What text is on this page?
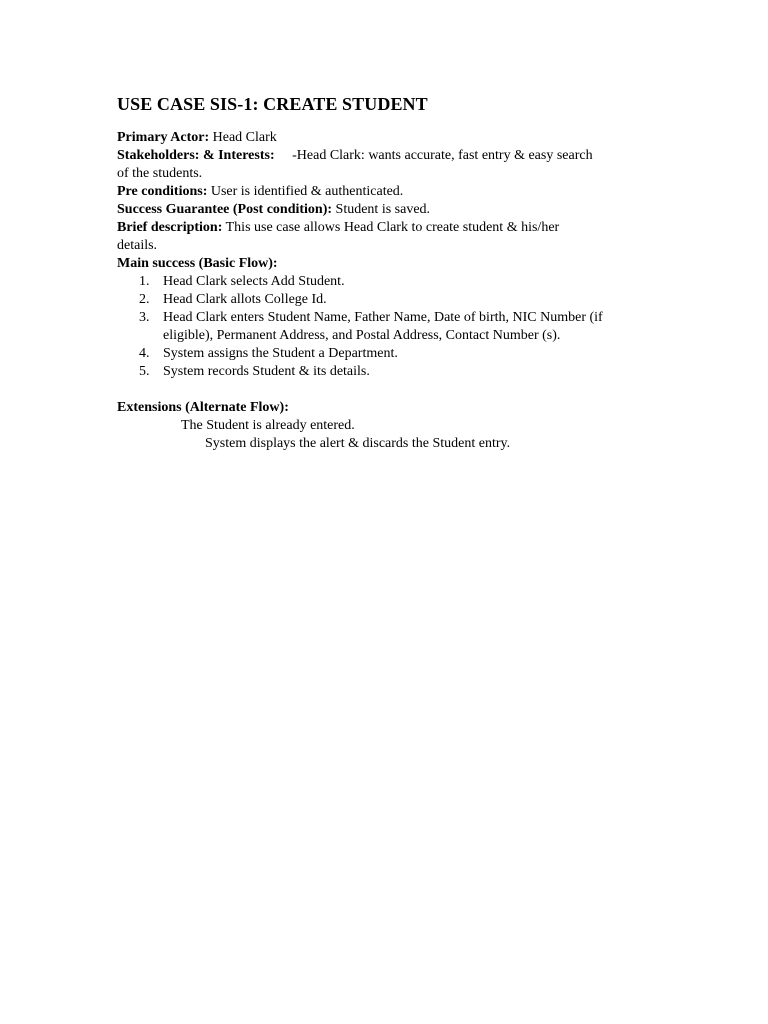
USE CASE SIS-1: CREATE STUDENT
Primary Actor: Head Clark
Stakeholders: & Interests: -Head Clark: wants accurate, fast entry & easy search
of the students.
Pre conditions: User is identified & authenticated.
Success Guarantee (Post condition): Student is saved.
Brief description: This use case allows Head Clark to create student & his/her
details.
Main success (Basic Flow):
1. Head Clark selects Add Student.
2. Head Clark allots College Id.
3. Head Clark enters Student Name, Father Name, Date of birth, NIC Number (if
eligible), Permanent Address, and Postal Address, Contact Number (s).
4. System assigns the Student a Department.
5. System records Student & its details.
Extensions (Alternate Flow):
The Student is already entered.
System displays the alert & discards the Student entry.
